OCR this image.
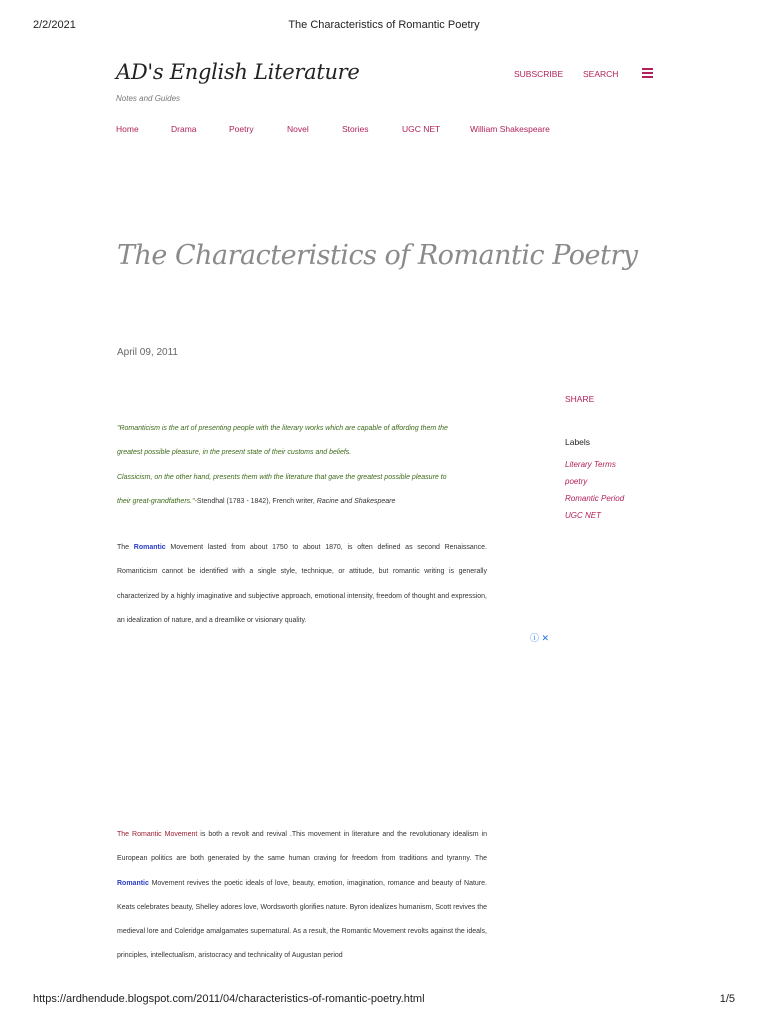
2/2/2021	The Characteristics of Romantic Poetry
AD's English Literature
Notes and Guides
SUBSCRIBE SEARCH
Home	Drama	Poetry	Novel	Stories	UGC NET	William Shakespeare
The Characteristics of Romantic Poetry
April 09, 2011
SHARE
Labels
Literary Terms
poetry
Romantic Period
UGC NET
"Romanticism is the art of presenting people with the literary works which are capable of affording them the
greatest possible pleasure, in the present state of their customs and beliefs.
Classicism, on the other hand, presents them with the literature that gave the greatest possible pleasure to
their great-grandfathers."-Stendhal (1783 - 1842), French writer, Racine and Shakespeare
The Romantic Movement lasted from about 1750 to about 1870, is often defined as second Renaissance. Romanticism cannot be identified with a single style, technique, or attitude, but romantic writing is generally characterized by a highly imaginative and subjective approach, emotional intensity, freedom of thought and expression, an idealization of nature, and a dreamlike or visionary quality.
ⓘ ✕
The Romantic Movement is both a revolt and revival .This movement in literature and the revolutionary idealism in European politics are both generated by the same human craving for freedom from traditions and tyranny. The Romantic Movement revives the poetic ideals of love, beauty, emotion, imagination, romance and beauty of Nature. Keats celebrates beauty, Shelley adores love, Wordsworth glorifies nature. Byron idealizes humanism, Scott revives the medieval lore and Coleridge amalgamates supernatural. As a result, the Romantic Movement revolts against the ideals, principles, intellectualism, aristocracy and technicality of Augustan period
https://ardhendude.blogspot.com/2011/04/characteristics-of-romantic-poetry.html	1/5
